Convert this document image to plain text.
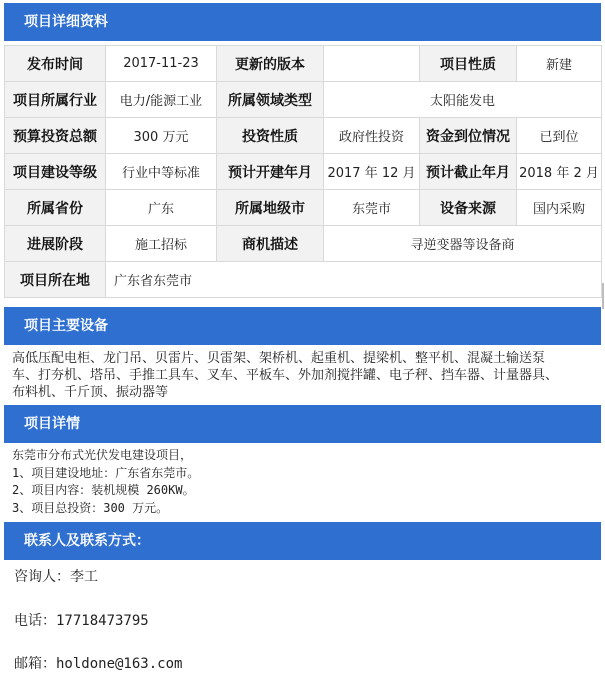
项目详细资料
发布时间	2017-11-23	更新的版本		项目性质	新建
项目所属行业	电力/能源工业	所属领域类型	太阳能发电		
预算投资总额	300 万元	投资性质	政府性投资	资金到位情况	已到位
项目建设等级	行业中等标准	预计开建年月	2017 年 12 月	预计截止年月	2018 年 2 月
所属省份	广东	所属地级市	东莞市	设备来源	国内采购
进展阶段	施工招标	商机描述	寻逆变器等设备商		
项目所在地	广东省东莞市				
项目主要设备
高低压配电柜、龙门吊、贝雷片、贝雷架、架桥机、起重机、提梁机、整平机、混凝土输送泵
车、打夯机、塔吊、手推工具车、叉车、平板车、外加剂搅拌罐、电子秤、挡车器、计量器具、
布料机、千斤顶、振动器等
项目详情
东莞市分布式光伏发电建设项目，
1、项目建设地址：广东省东莞市。
2、项目内容：装机规模 260KW。
3、项目总投资：300 万元。
联系人及联系方式：
咨询人：李工
电话：17718473795
邮箱：holdone@163.com
